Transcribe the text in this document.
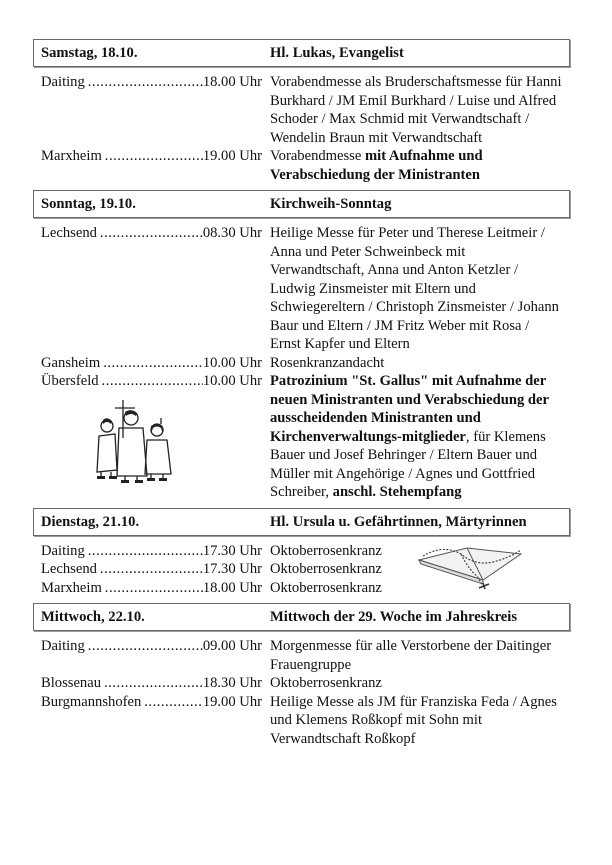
Samstag, 18.10.	Hl. Lukas, Evangelist
Daiting .....	18.00 Uhr Vorabendmesse als Bruderschaftsmesse für Hanni Burkhard / JM Emil Burkhard / Luise und Alfred Schoder / Max Schmid mit Verwandtschaft / Wendelin Braun mit Verwandtschaft
Marxheim .....	19.00 Uhr Vorabendmesse mit Aufnahme und Verabschiedung der Ministranten
Sonntag, 19.10.	Kirchweih-Sonntag
Lechsend .....	08.30 Uhr Heilige Messe für Peter und Therese Leitmeir / Anna und Peter Schweinbeck mit Verwandtschaft, Anna und Anton Ketzler / Ludwig Zinsmeister mit Eltern und Schwiegereltern / Christoph Zinsmeister / Johann Baur und Eltern / JM Fritz Weber mit Rosa / Ernst Kapfer und Eltern
Gansheim .....	10.00 Uhr Rosenkranzandacht
Übersfeld .....	10.00 Uhr Patrozinium "St. Gallus" mit Aufnahme der neuen Ministranten und Verabschiedung der ausscheidenden Ministranten und Kirchenverwaltungs-mitglieder, für Klemens Bauer und Josef Behringer / Eltern Bauer und Müller mit Angehörige / Agnes und Gottfried Schreiber, anschl. Stehempfang
Dienstag, 21.10.	Hl. Ursula u. Gefährtinnen, Märtyrinnen
Daiting .....	17.30 Uhr Oktoberrosenkranz
Lechsend .....	17.30 Uhr Oktoberrosenkranz
Marxheim .....	18.00 Uhr Oktoberrosenkranz
Mittwoch, 22.10.	Mittwoch der 29. Woche im Jahreskreis
Daiting .....	09.00 Uhr Morgenmesse für alle Verstorbene der Daitinger Frauengruppe
Blossenau .....	18.30 Uhr Oktoberrosenkranz
Burgmannshofen .....	19.00 Uhr Heilige Messe als JM für Franziska Feda / Agnes und Klemens Roßkopf mit Sohn mit Verwandtschaft Roßkopf
